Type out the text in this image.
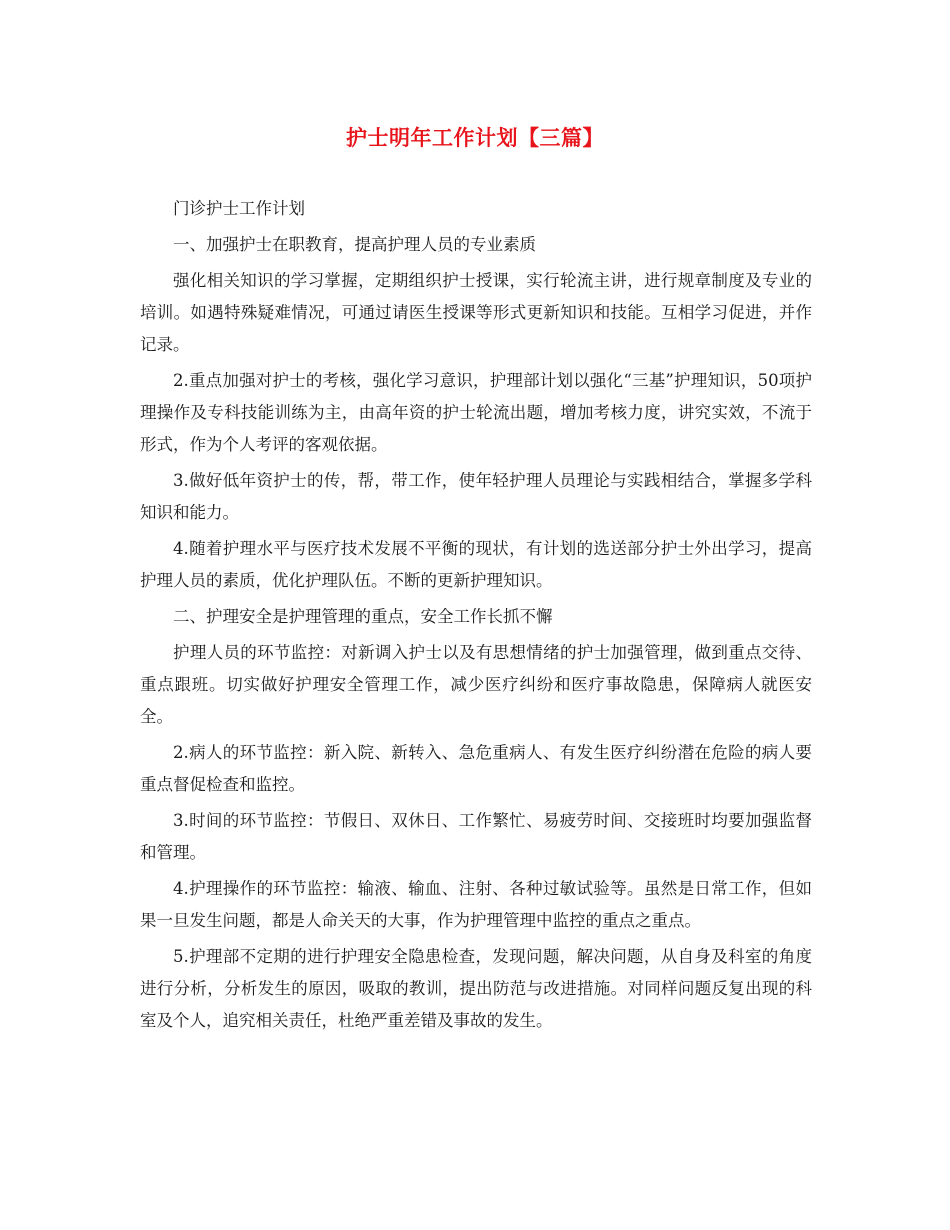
护士明年工作计划【三篇】

门诊护士工作计划

一、加强护士在职教育，提高护理人员的专业素质

强化相关知识的学习掌握，定期组织护士授课，实行轮流主讲，进行规章制度及专业的培训。如遇特殊疑难情况，可通过请医生授课等形式更新知识和技能。互相学习促进，并作记录。

2.重点加强对护士的考核，强化学习意识，护理部计划以强化“三基”护理知识，50项护理操作及专科技能训练为主，由高年资的护士轮流出题，增加考核力度，讲究实效，不流于形式，作为个人考评的客观依据。

3.做好低年资护士的传，帮，带工作，使年轻护理人员理论与实践相结合，掌握多学科知识和能力。

4.随着护理水平与医疗技术发展不平衡的现状，有计划的选送部分护士外出学习，提高护理人员的素质，优化护理队伍。不断的更新护理知识。

二、护理安全是护理管理的重点，安全工作长抓不懈

护理人员的环节监控：对新调入护士以及有思想情绪的护士加强管理，做到重点交待、重点跟班。切实做好护理安全管理工作，减少医疗纠纷和医疗事故隐患，保障病人就医安全。

2.病人的环节监控：新入院、新转入、急危重病人、有发生医疗纠纷潜在危险的病人要重点督促检查和监控。

3.时间的环节监控：节假日、双休日、工作繁忙、易疲劳时间、交接班时均要加强监督和管理。

4.护理操作的环节监控：输液、输血、注射、各种过敏试验等。虽然是日常工作，但如果一旦发生问题，都是人命关天的大事，作为护理管理中监控的重点之重点。

5.护理部不定期的进行护理安全隐患检查，发现问题，解决问题，从自身及科室的角度进行分析，分析发生的原因，吸取的教训，提出防范与改进措施。对同样问题反复出现的科室及个人，追究相关责任，杜绝严重差错及事故的发生。
